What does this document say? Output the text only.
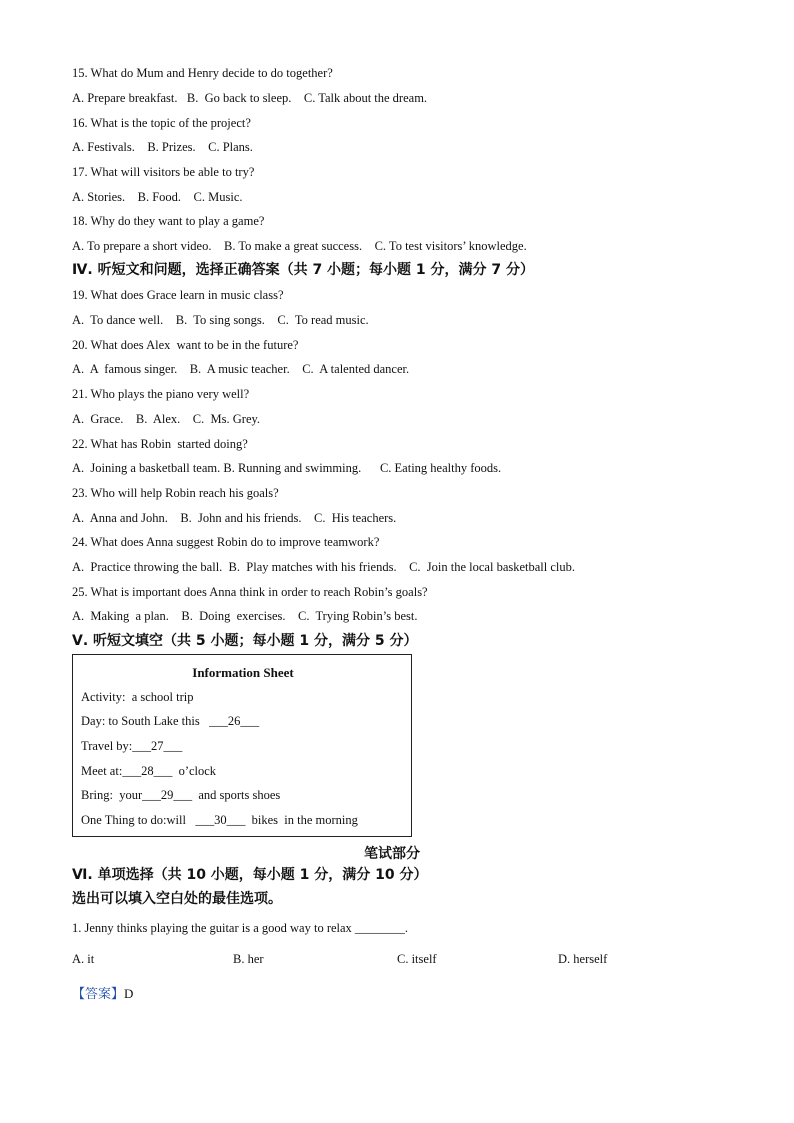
15. What do Mum and Henry decide to do together?
A. Prepare breakfast.   B.  Go back to sleep.    C. Talk about the dream.
16. What is the topic of the project?
A. Festivals.    B. Prizes.    C. Plans.
17. What will visitors be able to try?
A. Stories.    B. Food.    C. Music.
18. Why do they want to play a game?
A. To prepare a short video.    B. To make a great success.    C. To test visitors’ knowledge.
Ⅳ. 听短文和问题，选择正确答案（共 7 小题；每小题 1 分，满分 7 分）
19. What does Grace learn in music class?
A.  To dance well.    B.  To sing songs.    C.  To read music.
20. What does Alex  want to be in the future?
A.  A  famous singer.    B.  A music teacher.    C.  A talented dancer.
21. Who plays the piano very well?
A.  Grace.    B.  Alex.    C.  Ms. Grey.
22. What has Robin  started doing?
A.  Joining a basketball team. B. Running and swimming.      C. Eating healthy foods.
23. Who will help Robin reach his goals?
A.  Anna and John.    B.  John and his friends.    C.  His teachers.
24. What does Anna suggest Robin do to improve teamwork?
A.  Practice throwing the ball.  B.  Play matches with his friends.    C.  Join the local basketball club.
25. What is important does Anna think in order to reach Robin’s goals?
A.  Making  a plan.    B.  Doing  exercises.    C.  Trying Robin’s best.
Ⅴ. 听短文填空（共 5 小题；每小题 1 分，满分 5 分）
Information Sheet
Activity:  a school trip
Day: to South Lake this   ___26___
Travel by:___27___
Meet at:___28___  o’clock
Bring:  your___29___  and sports shoes
One Thing to do:will   ___30___  bikes  in the morning
笔试部分
Ⅵ. 单项选择（共 10 小题，每小题 1 分，满分 10 分）
选出可以填入空白处的最佳选项。
1. Jenny thinks playing the guitar is a good way to relax ________.
A. it	B. her	C. itself	D. herself
【答案】D
